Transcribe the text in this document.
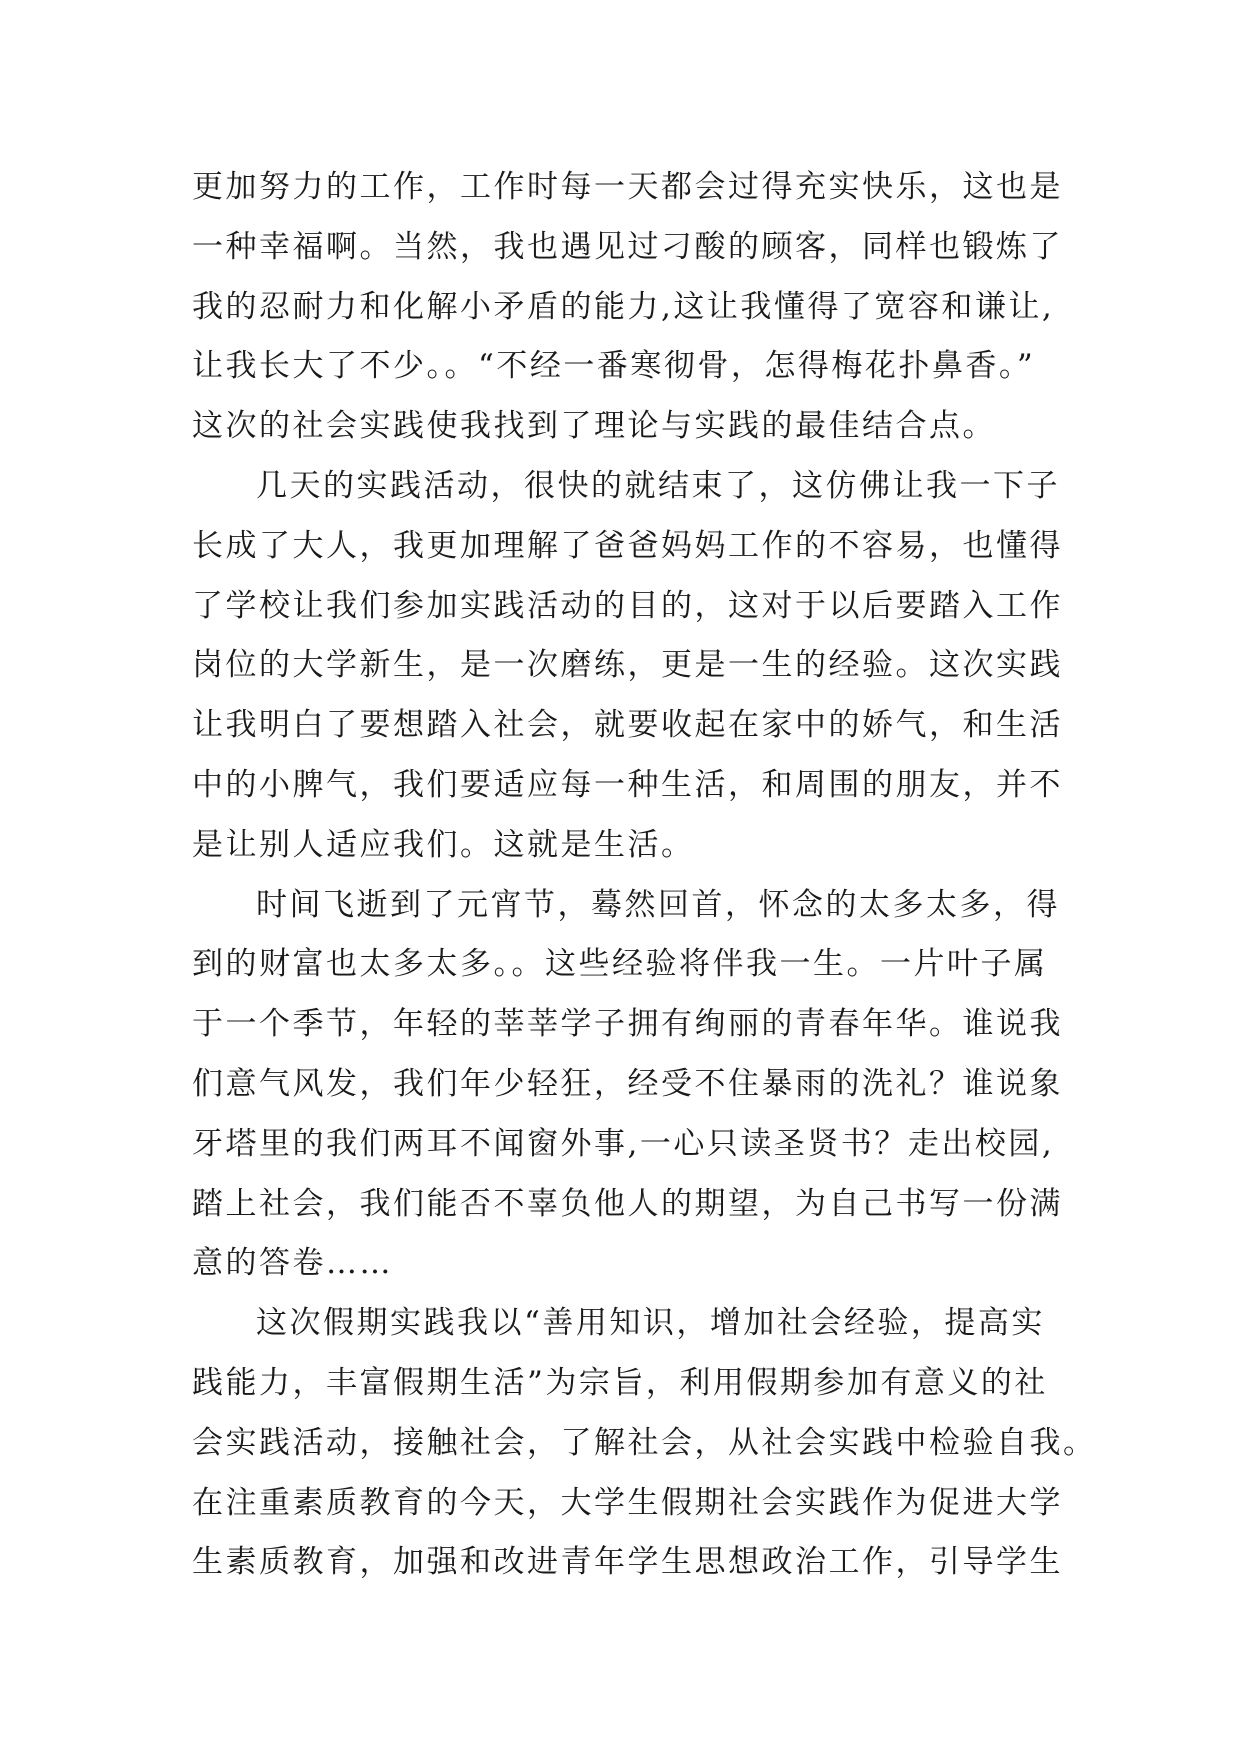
更加努力的工作，工作时每一天都会过得充实快乐，这也是
一种幸福啊。当然，我也遇见过刁酸的顾客，同样也锻炼了
我的忍耐力和化解小矛盾的能力,这让我懂得了宽容和谦让,
让我长大了不少。。“不经一番寒彻骨，怎得梅花扑鼻香。”
这次的社会实践使我找到了理论与实践的最佳结合点。
几天的实践活动，很快的就结束了，这仿佛让我一下子
长成了大人，我更加理解了爸爸妈妈工作的不容易，也懂得
了学校让我们参加实践活动的目的，这对于以后要踏入工作
岗位的大学新生，是一次磨练，更是一生的经验。这次实践
让我明白了要想踏入社会，就要收起在家中的娇气，和生活
中的小脾气，我们要适应每一种生活，和周围的朋友，并不
是让别人适应我们。这就是生活。
时间飞逝到了元宵节，蓦然回首，怀念的太多太多，得
到的财富也太多太多。。这些经验将伴我一生。一片叶子属
于一个季节，年轻的莘莘学子拥有绚丽的青春年华。谁说我
们意气风发，我们年少轻狂，经受不住暴雨的洗礼？谁说象
牙塔里的我们两耳不闻窗外事,一心只读圣贤书？走出校园,
踏上社会，我们能否不辜负他人的期望，为自己书写一份满
意的答卷……
这次假期实践我以“善用知识，增加社会经验，提高实
践能力，丰富假期生活”为宗旨，利用假期参加有意义的社
会实践活动，接触社会，了解社会，从社会实践中检验自我。
在注重素质教育的今天，大学生假期社会实践作为促进大学
生素质教育，加强和改进青年学生思想政治工作，引导学生
